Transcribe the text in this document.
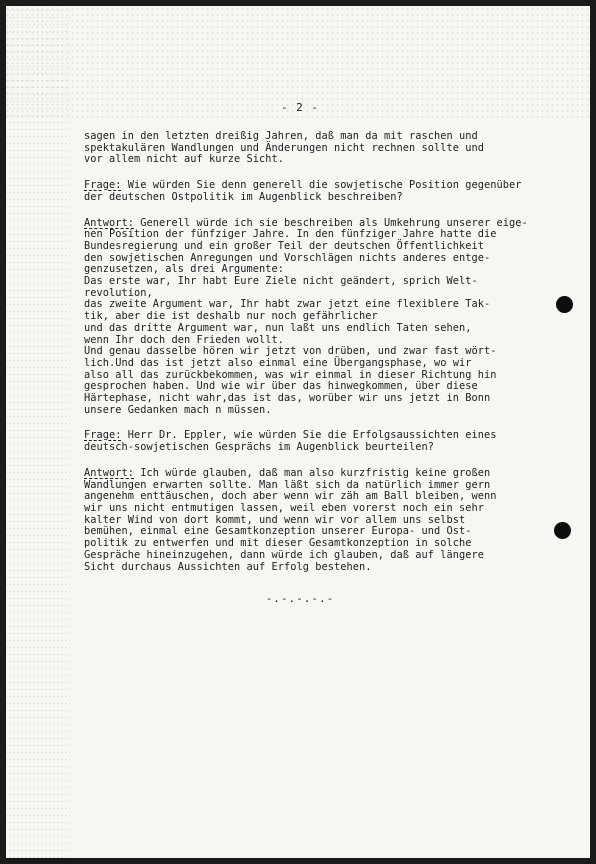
- 2 -
sagen in den letzten dreißig Jahren, daß man da mit raschen und
spektakulären Wandlungen und Änderungen nicht rechnen sollte und
vor allem nicht auf kurze Sicht.
Frage: Wie würden Sie denn generell die sowjetische Position gegenüber
der deutschen Ostpolitik im Augenblick beschreiben?
Antwort: Generell würde ich sie beschreiben als Umkehrung unserer eige-
nen Position der fünfziger Jahre. In den fünfziger Jahre hatte die
Bundesregierung und ein großer Teil der deutschen Öffentlichkeit
den sowjetischen Anregungen und Vorschlägen nichts anderes entge-
genzusetzen, als drei Argumente:
Das erste war, Ihr habt Eure Ziele nicht geändert, sprich Welt-
revolution,
das zweite Argument war, Ihr habt zwar jetzt eine flexiblere Tak-
tik, aber die ist deshalb nur noch gefährlicher
und das dritte Argument war, nun laßt uns endlich Taten sehen,
wenn Ihr doch den Frieden wollt.
Und genau dasselbe hören wir jetzt von drüben, und zwar fast wört-
lich.Und das ist jetzt also einmal eine Übergangsphase, wo wir
also all das zurückbekommen, was wir einmal in dieser Richtung hin
gesprochen haben. Und wie wir über das hinwegkommen, über diese
Härtephase, nicht wahr,das ist das, worüber wir uns jetzt in Bonn
unsere Gedanken mach n müssen.
Frage: Herr Dr. Eppler, wie würden Sie die Erfolgsaussichten eines
deutsch-sowjetischen Gesprächs im Augenblick beurteilen?
Antwort: Ich würde glauben, daß man also kurzfristig keine großen
Wandlungen erwarten sollte. Man läßt sich da natürlich immer gern
angenehm enttäuschen, doch aber wenn wir zäh am Ball bleiben, wenn
wir uns nicht entmutigen lassen, weil eben vorerst noch ein sehr
kalter Wind von dort kommt, und wenn wir vor allem uns selbst
bemühen, einmal eine Gesamtkonzeption unserer Europa- und Ost-
politik zu entwerfen und mit dieser Gesamtkonzeption in solche
Gespräche hineinzugehen, dann würde ich glauben, daß auf längere
Sicht durchaus Aussichten auf Erfolg bestehen.
-.-.-.-.-
